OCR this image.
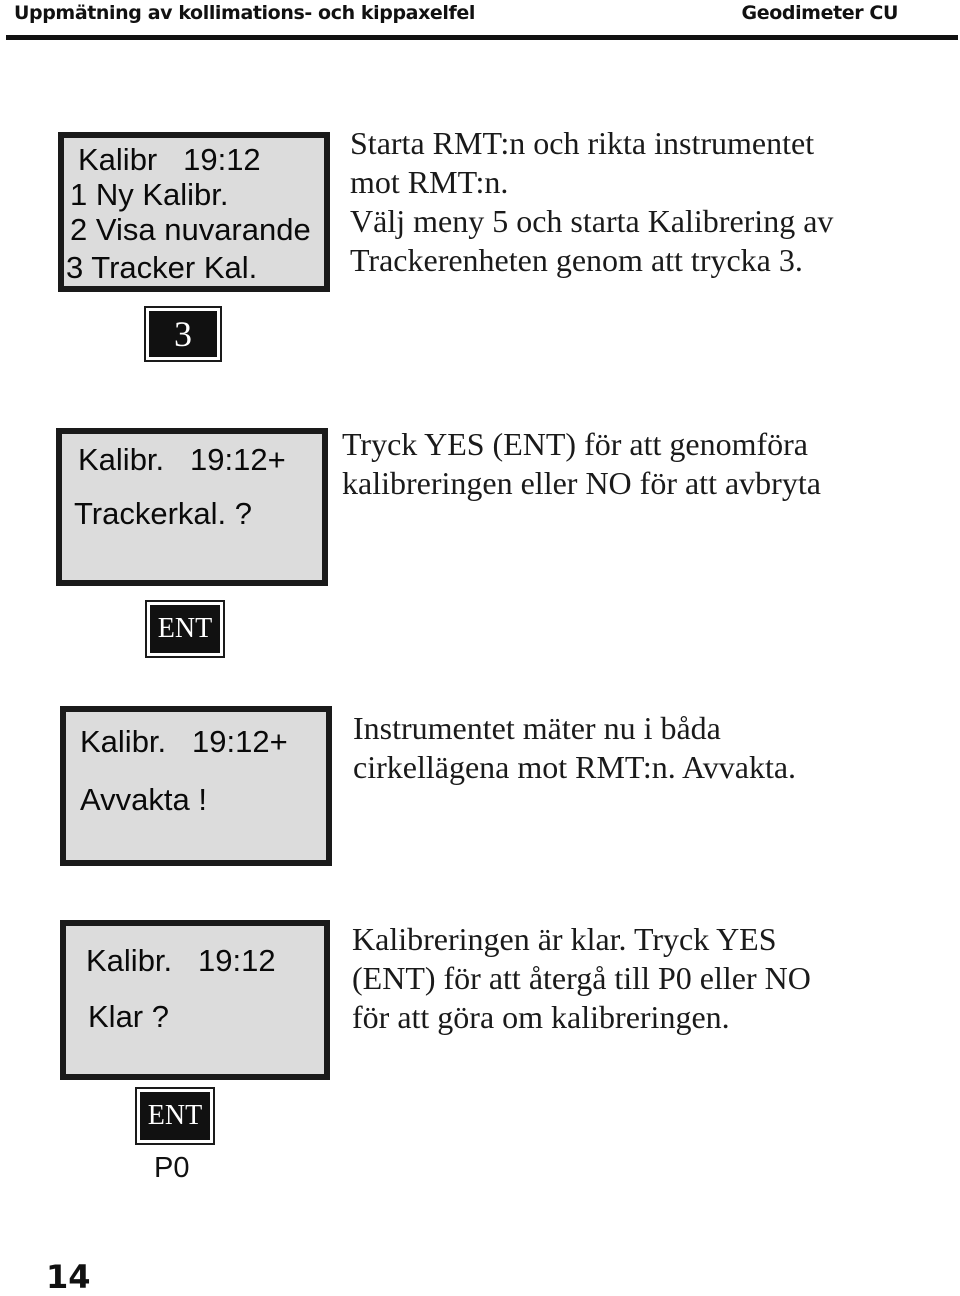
Uppmätning av kollimations- och kippaxelfel	Geodimeter CU
Kalibr   19:12
1 Ny Kalibr.
2 Visa nuvarande
3 Tracker Kal.
3
Starta RMT:n och rikta instrumentet
mot RMT:n.
Välj meny 5 och starta Kalibrering av
Trackerenheten genom att trycka 3.
Kalibr.   19:12+
Trackerkal. ?
ENT
Tryck YES (ENT) för att genomföra
kalibreringen eller NO för att avbryta
Kalibr.   19:12+
Avvakta !
Instrumentet mäter nu i båda
cirkellägena mot RMT:n. Avvakta.
Kalibr.   19:12
Klar ?
ENT
P0
Kalibreringen är klar. Tryck YES
(ENT) för att återgå till P0 eller NO
för att göra om kalibreringen.
14
